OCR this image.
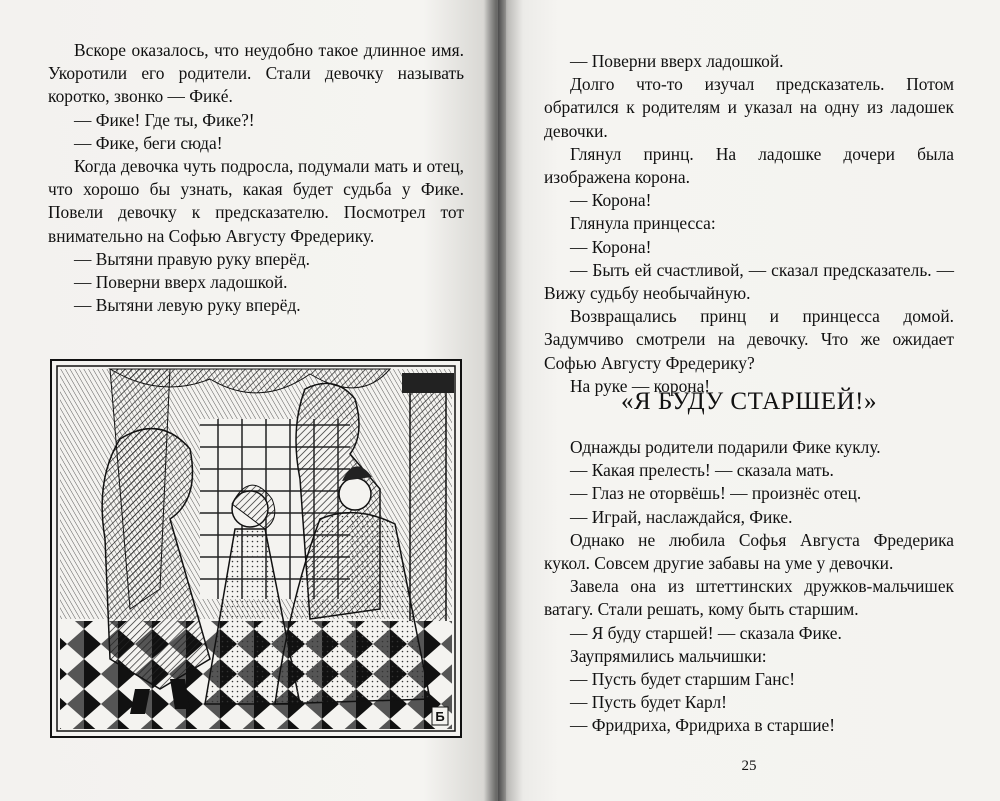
Вскоре оказалось, что неудобно такое длинное имя. Укоротили его родители. Стали девочку называть коротко, звонко — Фикé.

— Фике! Где ты, Фике?!

— Фике, беги сюда!

Когда девочка чуть подросла, подумали мать и отец, что хорошо бы узнать, какая будет судьба у Фике. Повели девочку к предсказателю. Посмотрел тот внимательно на Софью Августу Фредерику.

— Вытяни правую руку вперёд.

— Поверни вверх ладошкой.

— Вытяни левую руку вперёд.

Б

— Поверни вверх ладошкой.

Долго что-то изучал предсказатель. Потом обратился к родителям и указал на одну из ладошек девочки.

Глянул принц. На ладошке дочери была изображена корона.

— Корона!

Глянула принцесса:

— Корона!

— Быть ей счастливой, — сказал предсказатель. — Вижу судьбу необычайную.

Возвращались принц и принцесса домой. Задумчиво смотрели на девочку. Что же ожидает Софью Августу Фредерику?

На руке — корона!

«Я БУДУ СТАРШЕЙ!»

Однажды родители подарили Фике куклу.

— Какая прелесть! — сказала мать.

— Глаз не оторвёшь! — произнёс отец.

— Играй, наслаждайся, Фике.

Однако не любила Софья Августа Фредерика кукол. Совсем другие забавы на уме у девочки.

Завела она из штеттинских дружков-мальчишек ватагу. Стали решать, кому быть старшим.

— Я буду старшей! — сказала Фике.

Заупрямились мальчишки:

— Пусть будет старшим Ганс!

— Пусть будет Карл!

— Фридриха, Фридриха в старшие!

25
